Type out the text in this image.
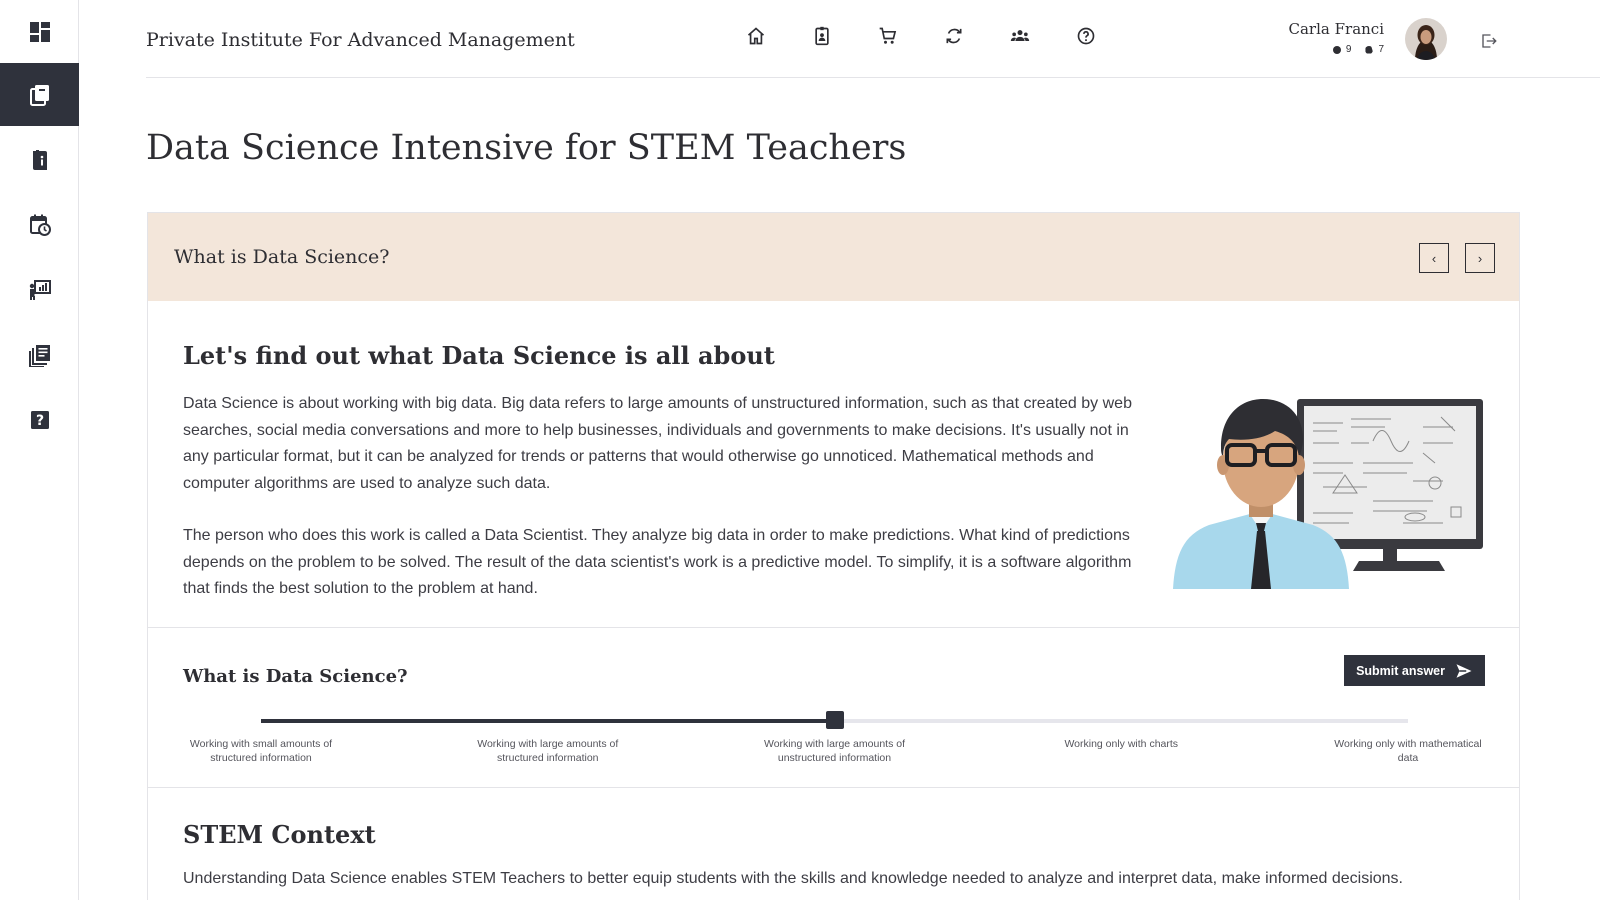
?
Private Institute For Advanced Management	Carla Franci
9	7
Data Science Intensive for STEM Teachers
What is Data Science?	‹	›
Let's find out what Data Science is all about

Data Science is about working with big data. Big data refers to large amounts of unstructured information, such as that created by web searches, social media conversations and more to help businesses, individuals and governments to make decisions. It's usually not in any particular format, but it can be analyzed for trends or patterns that would otherwise go unnoticed. Mathematical methods and computer algorithms are used to analyze such data.

The person who does this work is called a Data Scientist. They analyze big data in order to make predictions. What kind of predictions depends on the problem to be solved. The result of the data scientist's work is a predictive model. To simplify, it is a software algorithm that finds the best solution to the problem at hand.

What is Data Science?	Submit answer
Working with small amounts of structured information
Working with large amounts of structured information
Working with large amounts of unstructured information
Working only with charts	Working only with mathematical data
STEM Context

Understanding Data Science enables STEM Teachers to better equip students with the skills and knowledge needed to analyze and interpret data, make informed decisions.
